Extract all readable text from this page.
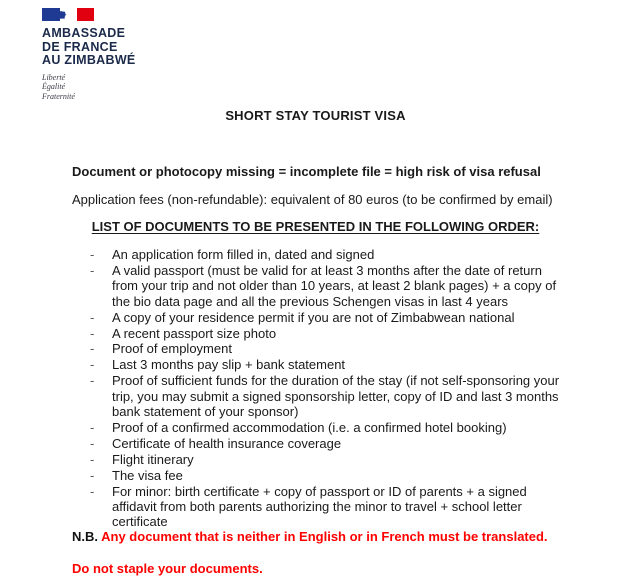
AMBASSADE
DE FRANCE
AU ZIMBABWÉ
Liberté
Égalité
Fraternité
SHORT STAY TOURIST VISA
Document or photocopy missing = incomplete file = high risk of visa refusal
Application fees (non-refundable): equivalent of 80 euros (to be confirmed by email)
LIST OF DOCUMENTS TO BE PRESENTED IN THE FOLLOWING ORDER:
- An application form filled in, dated and signed
- A valid passport (must be valid for at least 3 months after the date of return from your trip and not older than 10 years, at least 2 blank pages) + a copy of the bio data page and all the previous Schengen visas in last 4 years
- A copy of your residence permit if you are not of Zimbabwean national
- A recent passport size photo
- Proof of employment
- Last 3 months pay slip + bank statement
- Proof of sufficient funds for the duration of the stay (if not self-sponsoring your trip, you may submit a signed sponsorship letter, copy of ID and last 3 months bank statement of your sponsor)
- Proof of a confirmed accommodation (i.e. a confirmed hotel booking)
- Certificate of health insurance coverage
- Flight itinerary
- The visa fee
- For minor: birth certificate + copy of passport or ID of parents + a signed affidavit from both parents authorizing the minor to travel + school letter certificate
N.B. Any document that is neither in English or in French must be translated.
Do not staple your documents.
